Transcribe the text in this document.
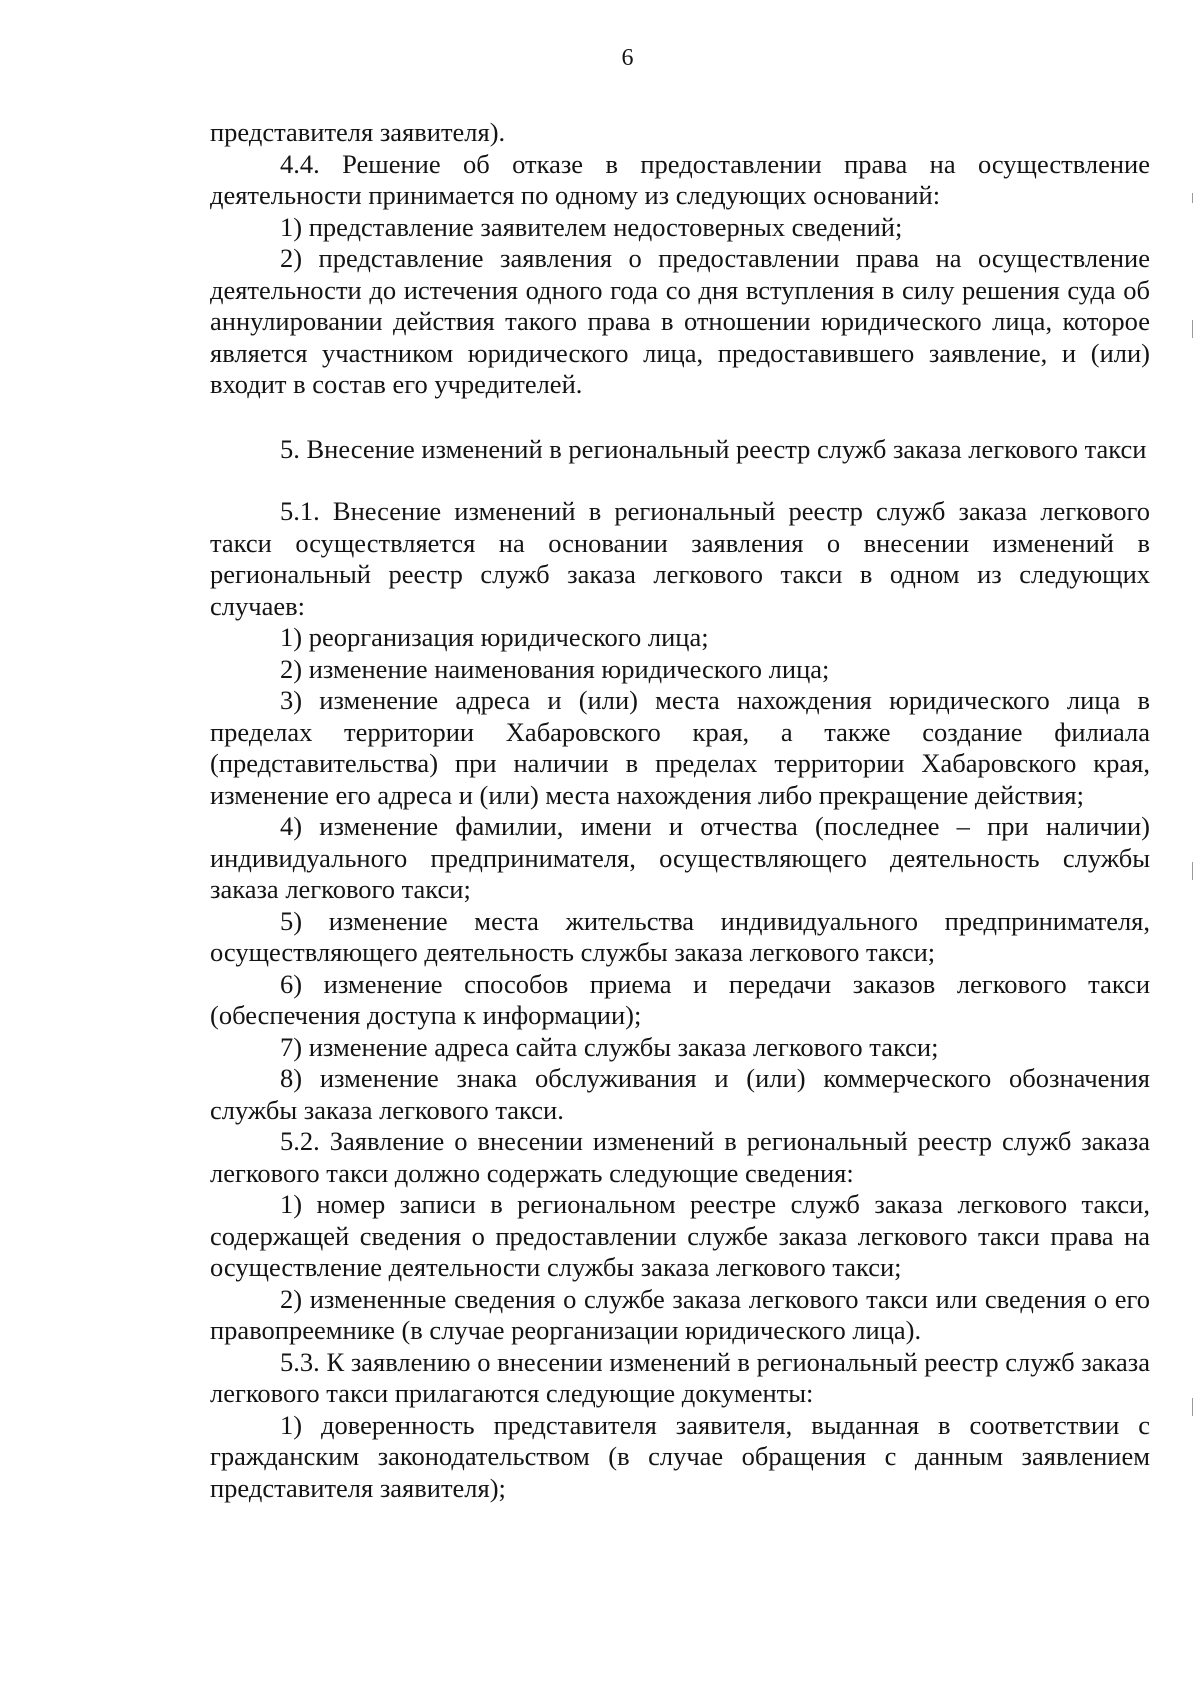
6

представителя заявителя).

4.4. Решение об отказе в предоставлении права на осуществление деятельности принимается по одному из следующих оснований:

1) представление заявителем недостоверных сведений;

2) представление заявления о предоставлении права на осуществление деятельности до истечения одного года со дня вступления в силу решения суда об аннулировании действия такого права в отношении юридического лица, которое является участником юридического лица, предоставившего заявление, и (или) входит в состав его учредителей.

5. Внесение изменений в региональный реестр служб заказа легкового такси

5.1. Внесение изменений в региональный реестр служб заказа легкового такси осуществляется на основании заявления о внесении изменений в региональный реестр служб заказа легкового такси в одном из следующих случаев:

1) реорганизация юридического лица;

2) изменение наименования юридического лица;

3) изменение адреса и (или) места нахождения юридического лица в пределах территории Хабаровского края, а также создание филиала (представительства) при наличии в пределах территории Хабаровского края, изменение его адреса и (или) места нахождения либо прекращение действия;

4) изменение фамилии, имени и отчества (последнее – при наличии) индивидуального предпринимателя, осуществляющего деятельность службы заказа легкового такси;

5) изменение места жительства индивидуального предпринимателя, осуществляющего деятельность службы заказа легкового такси;

6) изменение способов приема и передачи заказов легкового такси (обеспечения доступа к информации);

7) изменение адреса сайта службы заказа легкового такси;

8) изменение знака обслуживания и (или) коммерческого обозначения службы заказа легкового такси.

5.2. Заявление о внесении изменений в региональный реестр служб заказа легкового такси должно содержать следующие сведения:

1) номер записи в региональном реестре служб заказа легкового такси, содержащей сведения о предоставлении службе заказа легкового такси права на осуществление деятельности службы заказа легкового такси;

2) измененные сведения о службе заказа легкового такси или сведения о его правопреемнике (в случае реорганизации юридического лица).

5.3. К заявлению о внесении изменений в региональный реестр служб заказа легкового такси прилагаются следующие документы:

1) доверенность представителя заявителя, выданная в соответствии с гражданским законодательством (в случае обращения с данным заявлением представителя заявителя);
